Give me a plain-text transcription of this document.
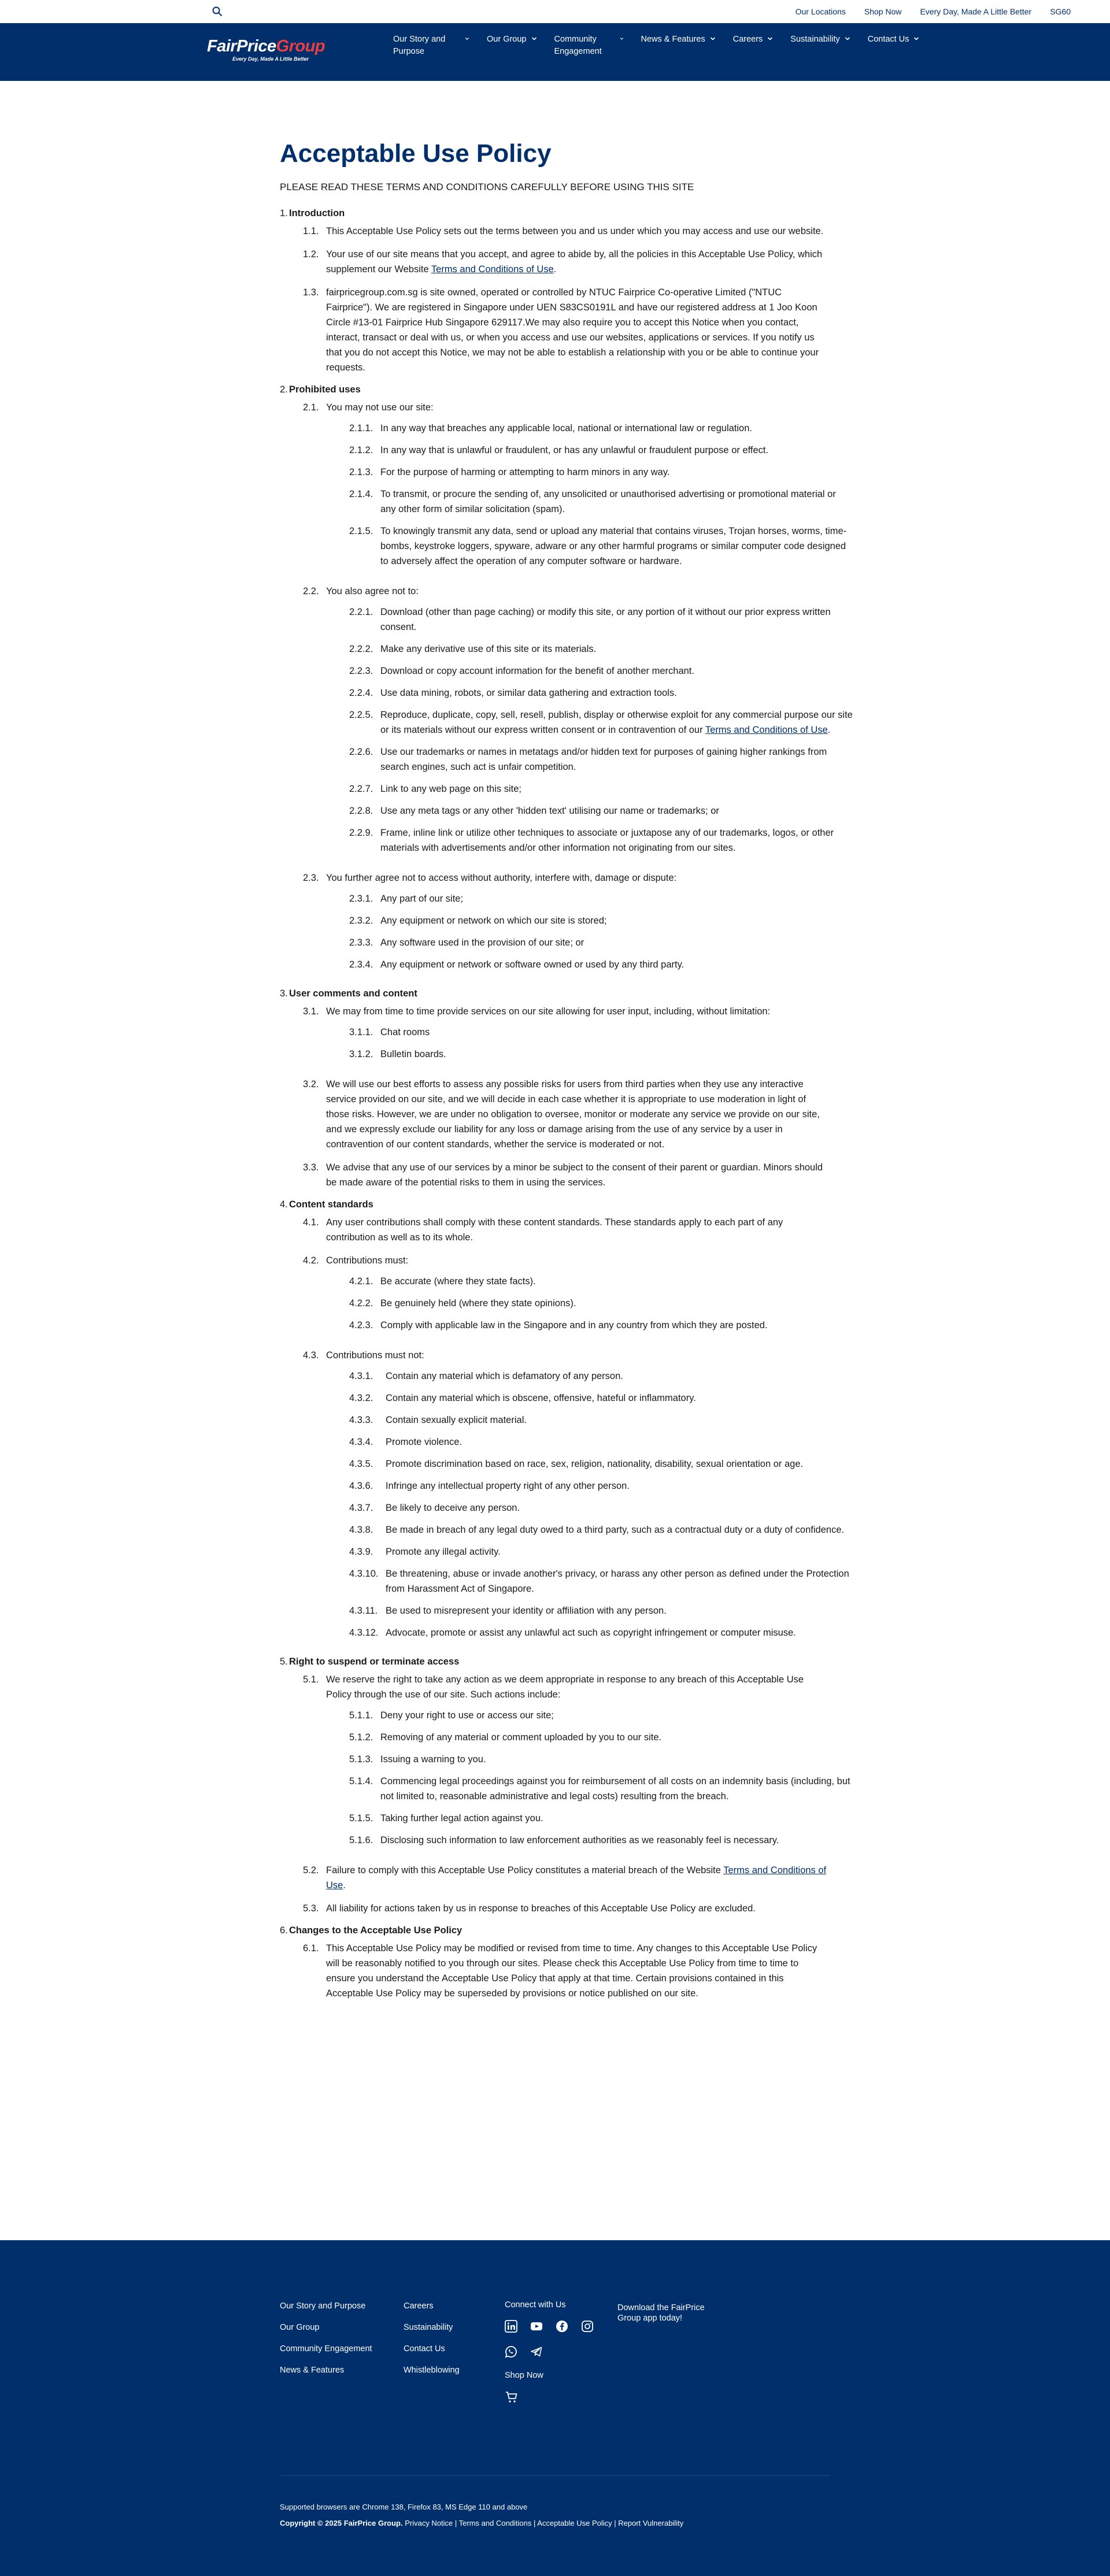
Our Locations Shop Now Every Day, Made A Little Better SG60
FairPriceGroup
Every Day, Made A Little Better
Our Story and Purpose
Our Group	Community Engagement
News & Features	Careers	Sustainability	Contact Us
Acceptable Use Policy
PLEASE READ THESE TERMS AND CONDITIONS CAREFULLY BEFORE USING THIS SITE
1. Introduction
1.1. This Acceptable Use Policy sets out the terms between you and us under which you may access and use our website.
1.2. Your use of our site means that you accept, and agree to abide by, all the policies in this Acceptable Use Policy, which supplement our Website Terms and Conditions of Use.
1.3. fairpricegroup.com.sg is site owned, operated or controlled by NTUC Fairprice Co-operative Limited ("NTUC Fairprice"). We are registered in Singapore under UEN S83CS0191L and have our registered address at 1 Joo Koon Circle #13-01 Fairprice Hub Singapore 629117.We may also require you to accept this Notice when you contact, interact, transact or deal with us, or when you access and use our websites, applications or services. If you notify us that you do not accept this Notice, we may not be able to establish a relationship with you or be able to continue your requests.
2. Prohibited uses
2.1. You may not use our site:
2.1.1. In any way that breaches any applicable local, national or international law or regulation.
2.1.2. In any way that is unlawful or fraudulent, or has any unlawful or fraudulent purpose or effect.
2.1.3. For the purpose of harming or attempting to harm minors in any way.
2.1.4. To transmit, or procure the sending of, any unsolicited or unauthorised advertising or promotional material or any other form of similar solicitation (spam).
2.1.5. To knowingly transmit any data, send or upload any material that contains viruses, Trojan horses, worms, time-bombs, keystroke loggers, spyware, adware or any other harmful programs or similar computer code designed to adversely affect the operation of any computer software or hardware.
2.2. You also agree not to:
2.2.1. Download (other than page caching) or modify this site, or any portion of it without our prior express written consent.
2.2.2. Make any derivative use of this site or its materials.
2.2.3. Download or copy account information for the benefit of another merchant.
2.2.4. Use data mining, robots, or similar data gathering and extraction tools.
2.2.5. Reproduce, duplicate, copy, sell, resell, publish, display or otherwise exploit for any commercial purpose our site or its materials without our express written consent or in contravention of our Terms and Conditions of Use.
2.2.6. Use our trademarks or names in metatags and/or hidden text for purposes of gaining higher rankings from search engines, such act is unfair competition.
2.2.7. Link to any web page on this site;
2.2.8. Use any meta tags or any other 'hidden text' utilising our name or trademarks; or
2.2.9. Frame, inline link or utilize other techniques to associate or juxtapose any of our trademarks, logos, or other materials with advertisements and/or other information not originating from our sites.
2.3. You further agree not to access without authority, interfere with, damage or dispute:
2.3.1. Any part of our site;
2.3.2. Any equipment or network on which our site is stored;
2.3.3. Any software used in the provision of our site; or
2.3.4. Any equipment or network or software owned or used by any third party.
3. User comments and content
3.1. We may from time to time provide services on our site allowing for user input, including, without limitation:
3.1.1. Chat rooms
3.1.2. Bulletin boards.
3.2. We will use our best efforts to assess any possible risks for users from third parties when they use any interactive service provided on our site, and we will decide in each case whether it is appropriate to use moderation in light of those risks. However, we are under no obligation to oversee, monitor or moderate any service we provide on our site, and we expressly exclude our liability for any loss or damage arising from the use of any service by a user in contravention of our content standards, whether the service is moderated or not.
3.3. We advise that any use of our services by a minor be subject to the consent of their parent or guardian. Minors should be made aware of the potential risks to them in using the services.
4. Content standards
4.1. Any user contributions shall comply with these content standards. These standards apply to each part of any contribution as well as to its whole.
4.2. Contributions must:
4.2.1. Be accurate (where they state facts).
4.2.2. Be genuinely held (where they state opinions).
4.2.3. Comply with applicable law in the Singapore and in any country from which they are posted.
4.3. Contributions must not:
4.3.1.	Contain any material which is defamatory of any person.
4.3.2.	Contain any material which is obscene, offensive, hateful or inflammatory.
4.3.3.	Contain sexually explicit material.
4.3.4.	Promote violence.
4.3.5.	Promote discrimination based on race, sex, religion, nationality, disability, sexual orientation or age.
4.3.6.	Infringe any intellectual property right of any other person.
4.3.7.	Be likely to deceive any person.
4.3.8.	Be made in breach of any legal duty owed to a third party, such as a contractual duty or a duty of confidence.
4.3.9.	Promote any illegal activity.
4.3.10. Be threatening, abuse or invade another's privacy, or harass any other person as defined under the Protection from Harassment Act of Singapore.
4.3.11. Be used to misrepresent your identity or affiliation with any person.
4.3.12. Advocate, promote or assist any unlawful act such as copyright infringement or computer misuse.
5. Right to suspend or terminate access
5.1. We reserve the right to take any action as we deem appropriate in response to any breach of this Acceptable Use Policy through the use of our site. Such actions include:
5.1.1. Deny your right to use or access our site;
5.1.2. Removing of any material or comment uploaded by you to our site.
5.1.3. Issuing a warning to you.
5.1.4. Commencing legal proceedings against you for reimbursement of all costs on an indemnity basis (including, but not limited to, reasonable administrative and legal costs) resulting from the breach.
5.1.5. Taking further legal action against you.
5.1.6. Disclosing such information to law enforcement authorities as we reasonably feel is necessary.
5.2. Failure to comply with this Acceptable Use Policy constitutes a material breach of the Website Terms and Conditions of Use.
5.3. All liability for actions taken by us in response to breaches of this Acceptable Use Policy are excluded.
6. Changes to the Acceptable Use Policy
6.1. This Acceptable Use Policy may be modified or revised from time to time. Any changes to this Acceptable Use Policy will be reasonably notified to you through our sites. Please check this Acceptable Use Policy from time to time to ensure you understand the Acceptable Use Policy that apply at that time. Certain provisions contained in this Acceptable Use Policy may be superseded by provisions or notice published on our site.
Our Story and Purpose
Our Group
Community Engagement
News & Features
Careers
Sustainability
Contact Us
Whistleblowing
Connect with Us
Shop Now
Download the FairPrice Group app today!
Supported browsers are Chrome 138, Firefox 83, MS Edge 110 and above
Copyright © 2025 FairPrice Group. Privacy Notice | Terms and Conditions | Acceptable Use Policy | Report Vulnerability
